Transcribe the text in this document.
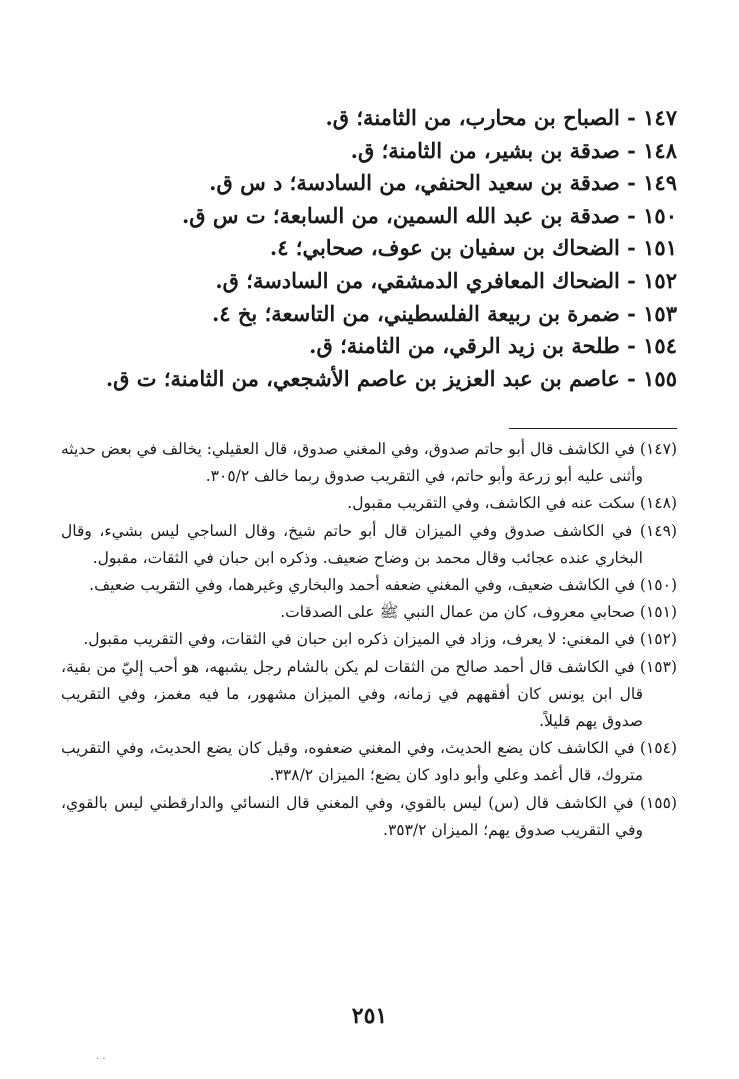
١٤٧ - الصباح بن محارب، من الثامنة؛ ق.
١٤٨ - صدقة بن بشير، من الثامنة؛ ق.
١٤٩ - صدقة بن سعيد الحنفي، من السادسة؛ د س ق.
١٥٠ - صدقة بن عبد الله السمين، من السابعة؛ ت س ق.
١٥١ - الضحاك بن سفيان بن عوف، صحابي؛ ٤.
١٥٢ - الضحاك المعافري الدمشقي، من السادسة؛ ق.
١٥٣ - ضمرة بن ربيعة الفلسطيني، من التاسعة؛ بخ ٤.
١٥٤ - طلحة بن زيد الرقي، من الثامنة؛ ق.
١٥٥ - عاصم بن عبد العزيز بن عاصم الأشجعي، من الثامنة؛ ت ق.

(١٤٧) في الكاشف قال أبو حاتم صدوق، وفي المغني صدوق، قال العقيلي: يخالف في بعض حديثه وأثنى عليه أبو زرعة وأبو حاتم، في التقريب صدوق ربما خالف ٣٠٥/٢.

(١٤٨) سكت عنه في الكاشف، وفي التقريب مقبول.

(١٤٩) في الكاشف صدوق وفي الميزان قال أبو حاتم شيخ، وقال الساجي ليس بشيء، وقال البخاري عنده عجائب وقال محمد بن وضاح ضعيف. وذكره ابن حبان في الثقات، مقبول.

(١٥٠) في الكاشف ضعيف، وفي المغني ضعفه أحمد والبخاري وغيرهما، وفي التقريب ضعيف.

(١٥١) صحابي معروف، كان من عمال النبي ﷺ على الصدقات.

(١٥٢) في المغني: لا يعرف، وزاد في الميزان ذكره ابن حبان في الثقات، وفي التقريب مقبول.

(١٥٣) في الكاشف قال أحمد صالح من الثقات لم يكن بالشام رجل يشبهه، هو أحب إليّ من بقية، قال ابن يونس كان أفقههم في زمانه، وفي الميزان مشهور، ما فيه مغمز، وفي التقريب صدوق يهم قليلاً.

(١٥٤) في الكاشف كان يضع الحديث، وفي المغني ضعفوه، وقيل كان يضع الحديث، وفي التقريب متروك، قال أغمد وعلي وأبو داود كان يضع؛ الميزان ٣٣٨/٢.

(١٥٥) في الكاشف قال (س) ليس بالقوي، وفي المغني قال النسائي والدارقطني ليس بالقوي، وفي التقريب صدوق يهم؛ الميزان ٣٥٣/٢.

٢٥١
· ·
